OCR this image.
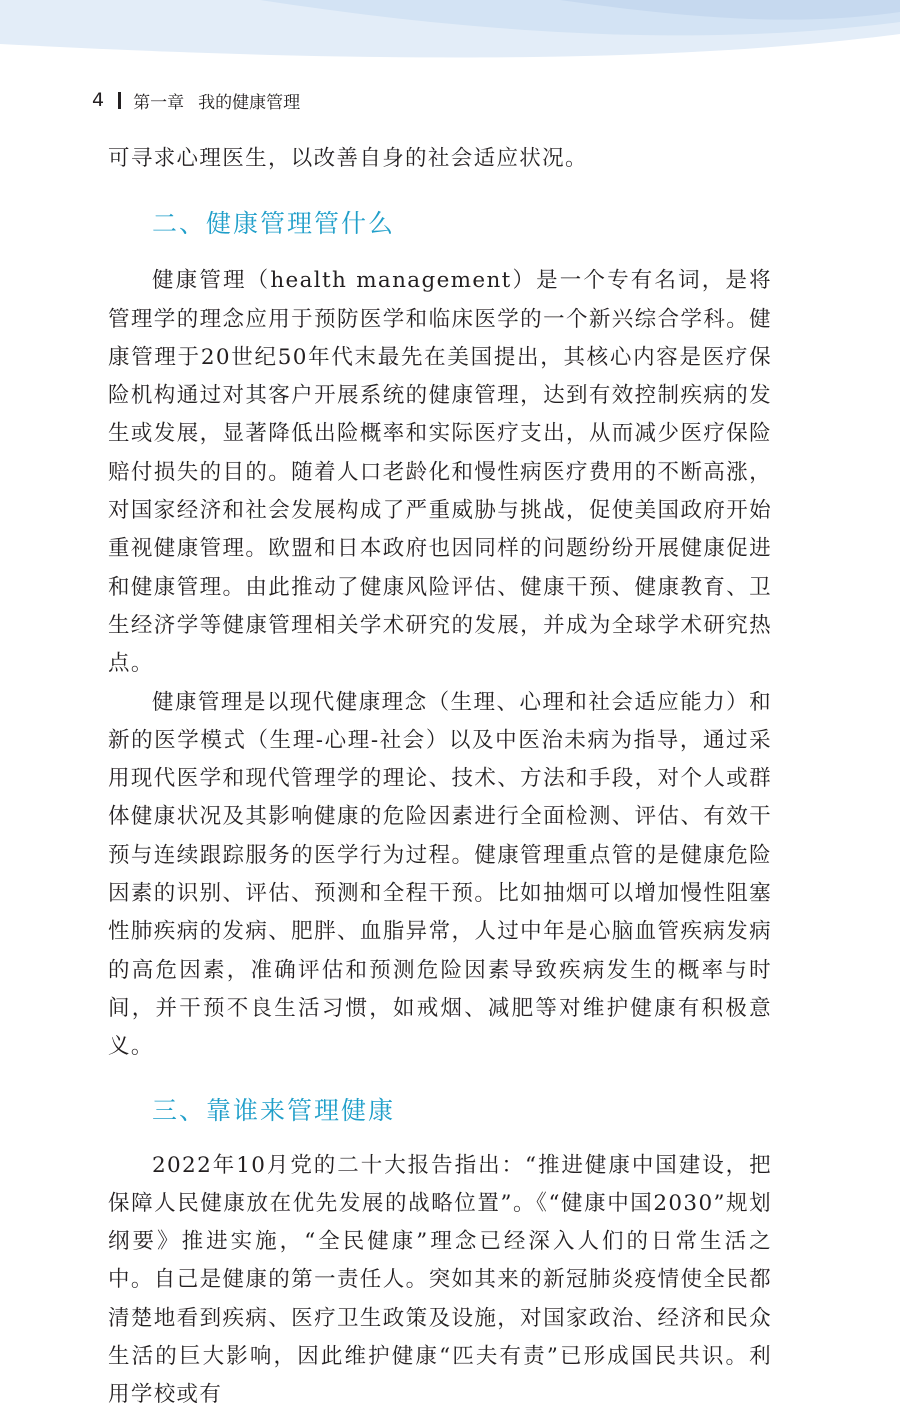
4 第一章 我的健康管理

可寻求心理医生，以改善自身的社会适应状况。

二、健康管理管什么

健康管理（health management）是一个专有名词，是将管理学的理念应用于预防医学和临床医学的一个新兴综合学科。健康管理于20世纪50年代末最先在美国提出，其核心内容是医疗保险机构通过对其客户开展系统的健康管理，达到有效控制疾病的发生或发展，显著降低出险概率和实际医疗支出，从而减少医疗保险赔付损失的目的。随着人口老龄化和慢性病医疗费用的不断高涨，对国家经济和社会发展构成了严重威胁与挑战，促使美国政府开始重视健康管理。欧盟和日本政府也因同样的问题纷纷开展健康促进和健康管理。由此推动了健康风险评估、健康干预、健康教育、卫生经济学等健康管理相关学术研究的发展，并成为全球学术研究热点。

健康管理是以现代健康理念（生理、心理和社会适应能力）和新的医学模式（生理-心理-社会）以及中医治未病为指导，通过采用现代医学和现代管理学的理论、技术、方法和手段，对个人或群体健康状况及其影响健康的危险因素进行全面检测、评估、有效干预与连续跟踪服务的医学行为过程。健康管理重点管的是健康危险因素的识别、评估、预测和全程干预。比如抽烟可以增加慢性阻塞性肺疾病的发病、肥胖、血脂异常，人过中年是心脑血管疾病发病的高危因素，准确评估和预测危险因素导致疾病发生的概率与时间，并干预不良生活习惯，如戒烟、减肥等对维护健康有积极意义。

三、靠谁来管理健康

2022年10月党的二十大报告指出：“推进健康中国建设，把保障人民健康放在优先发展的战略位置”。《“健康中国2030”规划纲要》推进实施，“全民健康”理念已经深入人们的日常生活之中。自己是健康的第一责任人。突如其来的新冠肺炎疫情使全民都清楚地看到疾病、医疗卫生政策及设施，对国家政治、经济和民众生活的巨大影响，因此维护健康“匹夫有责”已形成国民共识。利用学校或有
